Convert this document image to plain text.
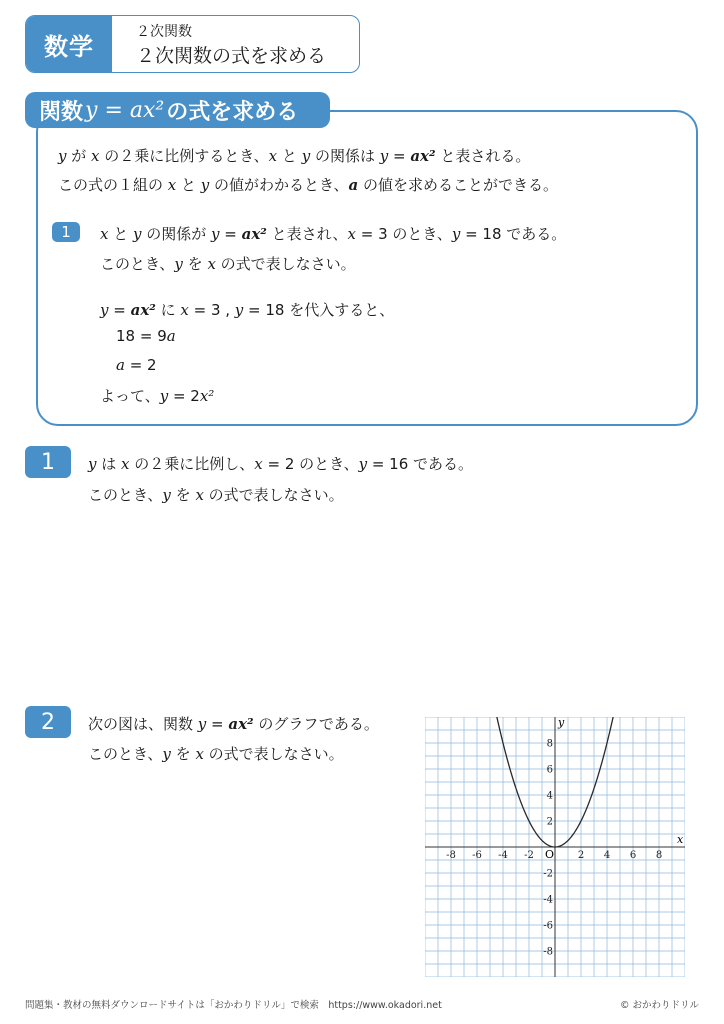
数学
２次関数
２次関数の式を求める
関数 y = ax² の式を求める
y が x の２乗に比例するとき、x と y の関係は y = ax² と表される。
この式の１組の x と y の値がわかるとき、a の値を求めることができる。
1	x と y の関係が y = ax² と表され、x = 3 のとき、y = 18 である。
このとき、y を x の式で表しなさい。
y = ax² に x = 3 , y = 18 を代入すると、
18 = 9a
a = 2
よって、y = 2x²
1	y は x の２乗に比例し、x = 2 のとき、y = 16 である。
このとき、y を x の式で表しなさい。
2	次の図は、関数 y = ax² のグラフである。
このとき、y を x の式で表しなさい。
-8 -6 -4 -2	2 4 6 8
8
6
4
2
-2
-4
-6
-8
x
y
O
問題集・教材の無料ダウンロードサイトは「おかわりドリル」で検索　https://www.okadori.net	© おかわりドリル
